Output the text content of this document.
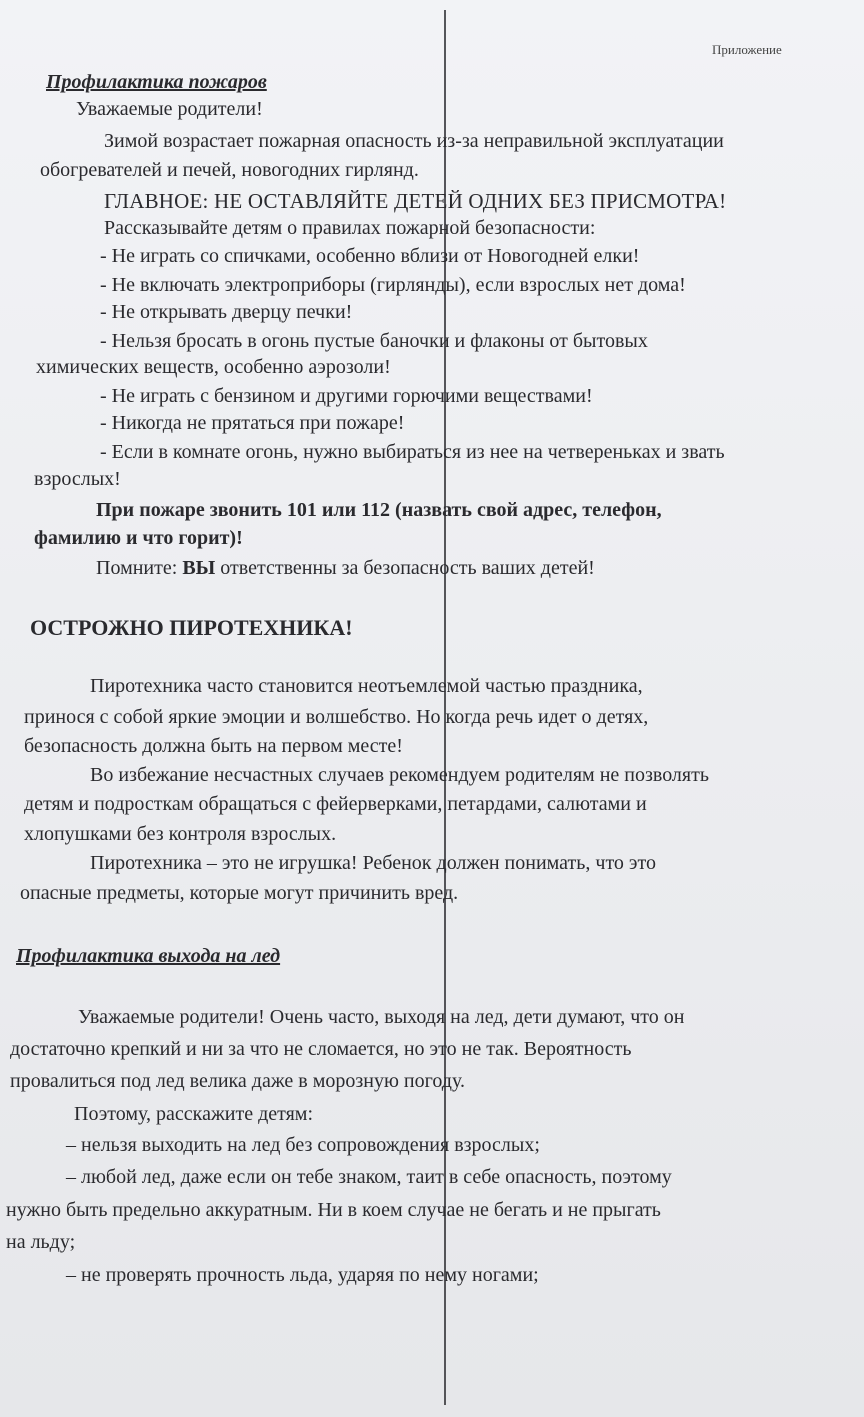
Приложение
Профилактика пожаров
Уважаемые родители!
Зимой возрастает пожарная опасность из-за неправильной эксплуатации
обогревателей и печей, новогодних гирлянд.
ГЛАВНОЕ: НЕ ОСТАВЛЯЙТЕ ДЕТЕЙ ОДНИХ БЕЗ ПРИСМОТРА!
Рассказывайте детям о правилах пожарной безопасности:
- Не играть со спичками, особенно вблизи от Новогодней елки!
- Не включать электроприборы (гирлянды), если взрослых нет дома!
- Не открывать дверцу печки!
- Нельзя бросать в огонь пустые баночки и флаконы от бытовых
химических веществ, особенно аэрозоли!
- Не играть с бензином и другими горючими веществами!
- Никогда не прятаться при пожаре!
- Если в комнате огонь, нужно выбираться из нее на четвереньках и звать
взрослых!
При пожаре звонить 101 или 112 (назвать свой адрес, телефон,
фамилию и что горит)!
Помните: ВЫ ответственны за безопасность ваших детей!
ОСТРОЖНО ПИРОТЕХНИКА!
Пиротехника часто становится неотъемлемой частью праздника,
принося с собой яркие эмоции и волшебство. Но когда речь идет о детях,
безопасность должна быть на первом месте!
Во избежание несчастных случаев рекомендуем родителям не позволять
детям и подросткам обращаться с фейерверками, петардами, салютами и
хлопушками без контроля взрослых.
Пиротехника – это не игрушка! Ребенок должен понимать, что это
опасные предметы, которые могут причинить вред.
Профилактика выхода на лед
Уважаемые родители! Очень часто, выходя на лед, дети думают, что он
достаточно крепкий и ни за что не сломается, но это не так. Вероятность
провалиться под лед велика даже в морозную погоду.
Поэтому, расскажите детям:
– нельзя выходить на лед без сопровождения взрослых;
– любой лед, даже если он тебе знаком, таит в себе опасность, поэтому
нужно быть предельно аккуратным. Ни в коем случае не бегать и не прыгать
на льду;
– не проверять прочность льда, ударяя по нему ногами;
